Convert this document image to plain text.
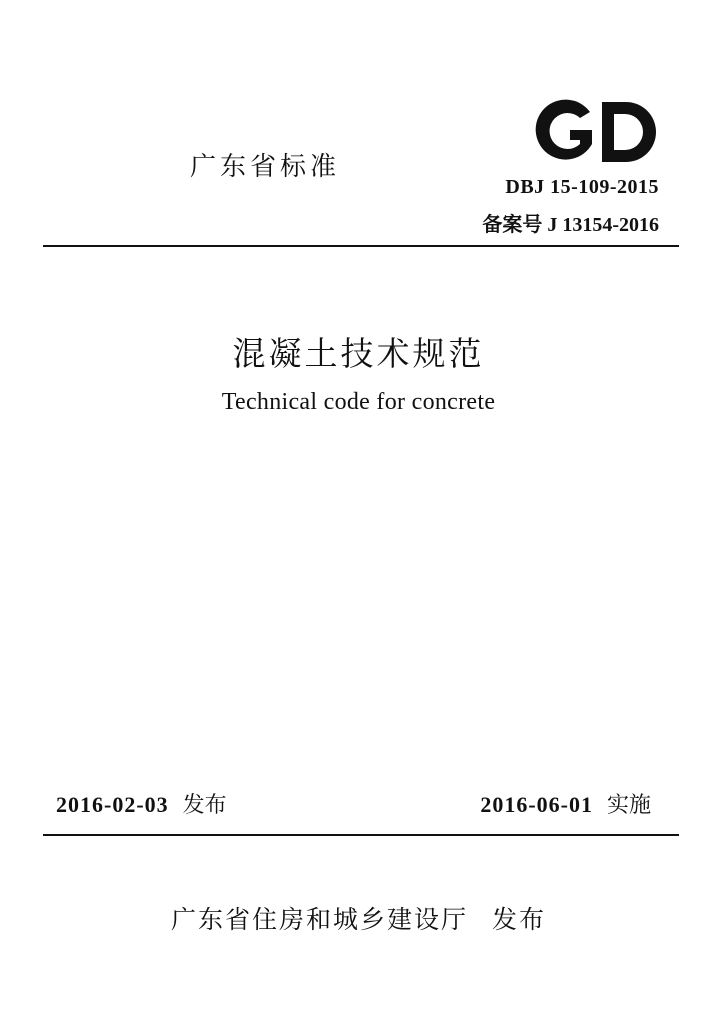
广东省标准
DBJ 15-109-2015
备案号 J 13154-2016
混凝土技术规范
Technical code for concrete
2016-02-03 发布	2016-06-01 实施
广东省住房和城乡建设厅 发布
